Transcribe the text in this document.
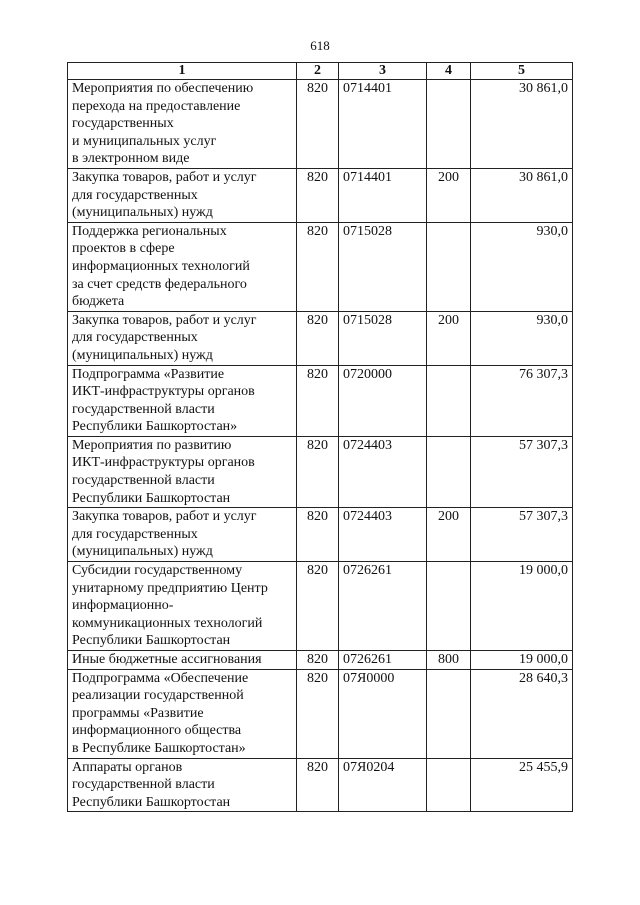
618
1	2	3	4	5
Мероприятия по обеспечению
перехода на предоставление
государственных
и муниципальных услуг
в электронном виде	820	0714401		30 861,0
Закупка товаров, работ и услуг
для государственных
(муниципальных) нужд	820	0714401	200	30 861,0
Поддержка региональных
проектов в сфере
информационных технологий
за счет средств федерального
бюджета	820	0715028		930,0
Закупка товаров, работ и услуг
для государственных
(муниципальных) нужд	820	0715028	200	930,0
Подпрограмма «Развитие
ИКТ-инфраструктуры органов
государственной власти
Республики Башкортостан»	820	0720000		76 307,3
Мероприятия по развитию
ИКТ-инфраструктуры органов
государственной власти
Республики Башкортостан	820	0724403		57 307,3
Закупка товаров, работ и услуг
для государственных
(муниципальных) нужд	820	0724403	200	57 307,3
Субсидии государственному
унитарному предприятию Центр
информационно-
коммуникационных технологий
Республики Башкортостан	820	0726261		19 000,0
Иные бюджетные ассигнования	820	0726261	800	19 000,0
Подпрограмма «Обеспечение
реализации государственной
программы «Развитие
информационного общества
в Республике Башкортостан»	820	07Я0000		28 640,3
Аппараты органов
государственной власти
Республики Башкортостан	820	07Я0204		25 455,9
